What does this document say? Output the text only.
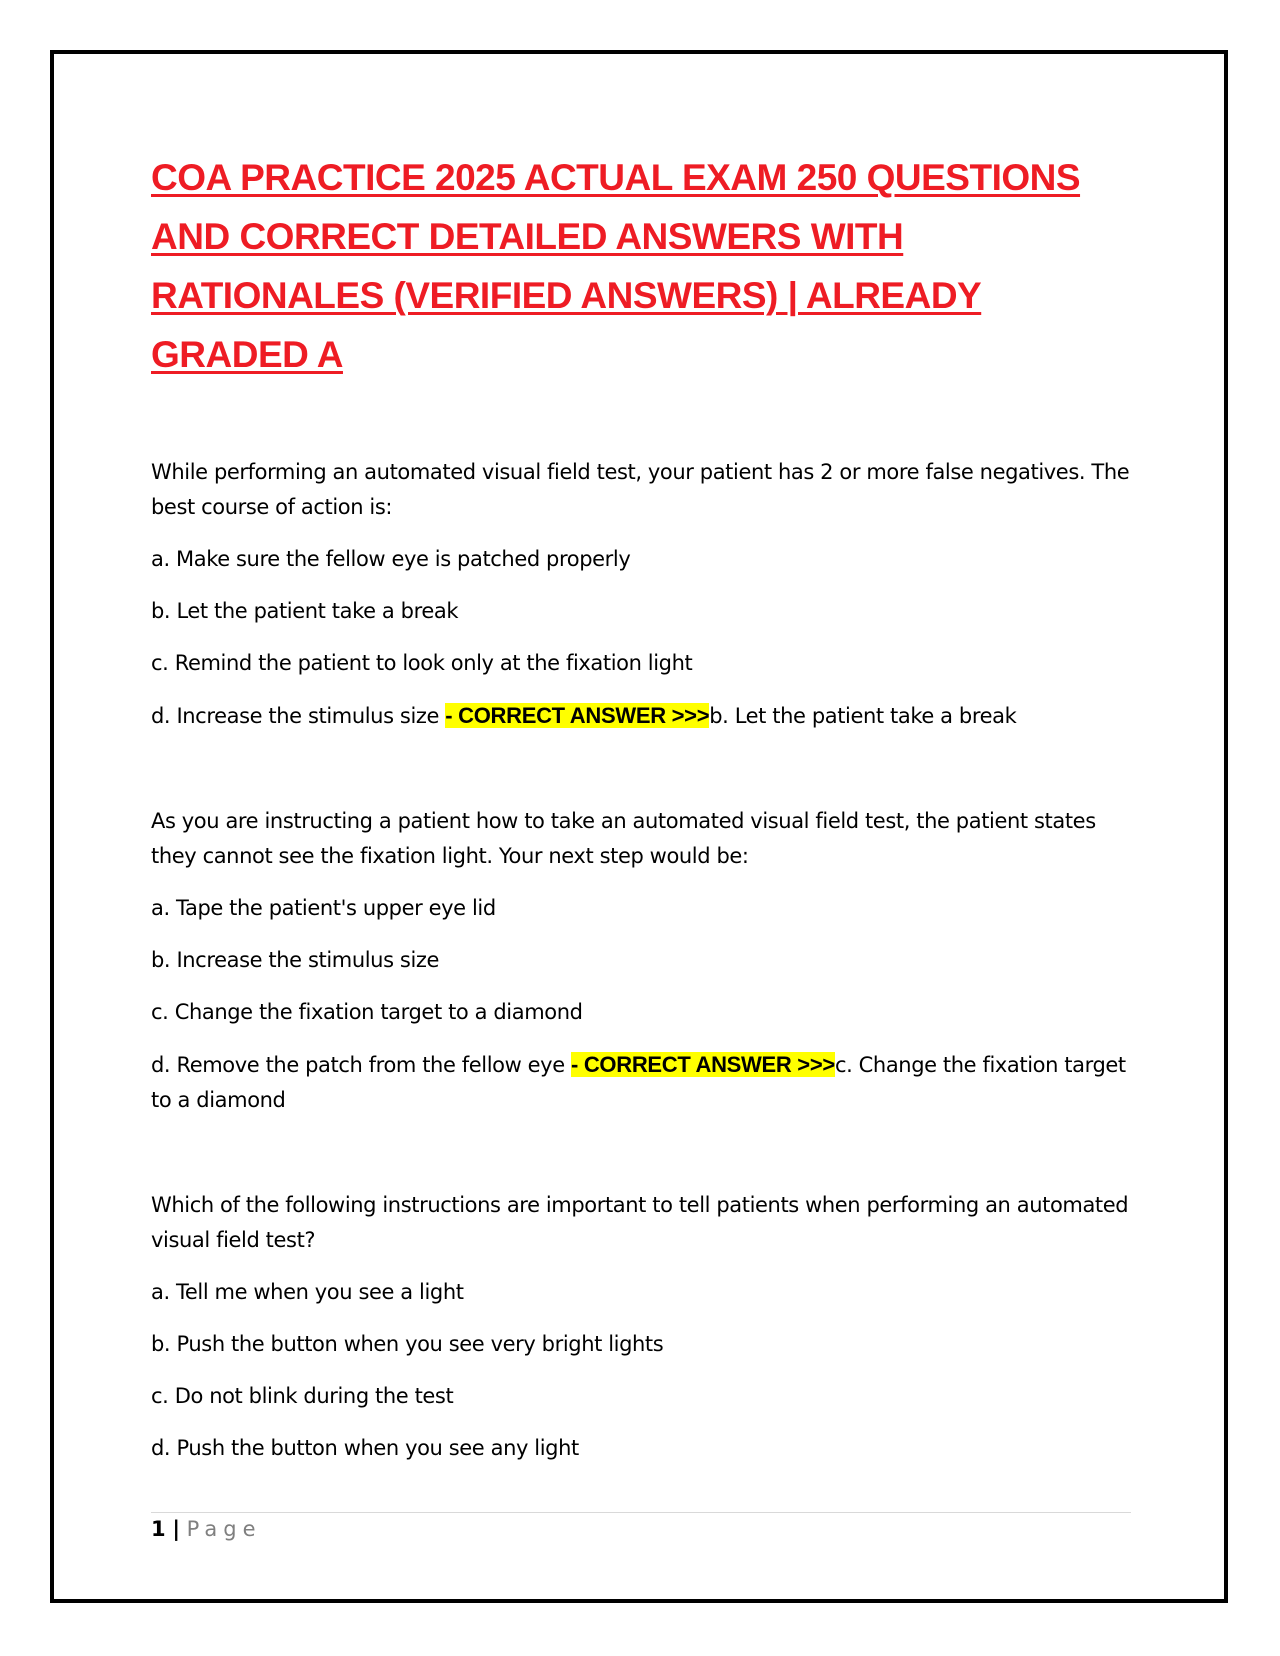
COA PRACTICE 2025 ACTUAL EXAM 250 QUESTIONS AND CORRECT DETAILED ANSWERS WITH RATIONALES (VERIFIED ANSWERS) | ALREADY GRADED A

While performing an automated visual field test, your patient has 2 or more false negatives. The best course of action is:

a. Make sure the fellow eye is patched properly

b. Let the patient take a break

c. Remind the patient to look only at the fixation light

d. Increase the stimulus size - CORRECT ANSWER >>>b. Let the patient take a break

As you are instructing a patient how to take an automated visual field test, the patient states they cannot see the fixation light. Your next step would be:

a. Tape the patient's upper eye lid

b. Increase the stimulus size

c. Change the fixation target to a diamond

d. Remove the patch from the fellow eye - CORRECT ANSWER >>>c. Change the fixation target to a diamond

Which of the following instructions are important to tell patients when performing an automated visual field test?

a. Tell me when you see a light

b. Push the button when you see very bright lights

c. Do not blink during the test

d. Push the button when you see any light

1 | Page
